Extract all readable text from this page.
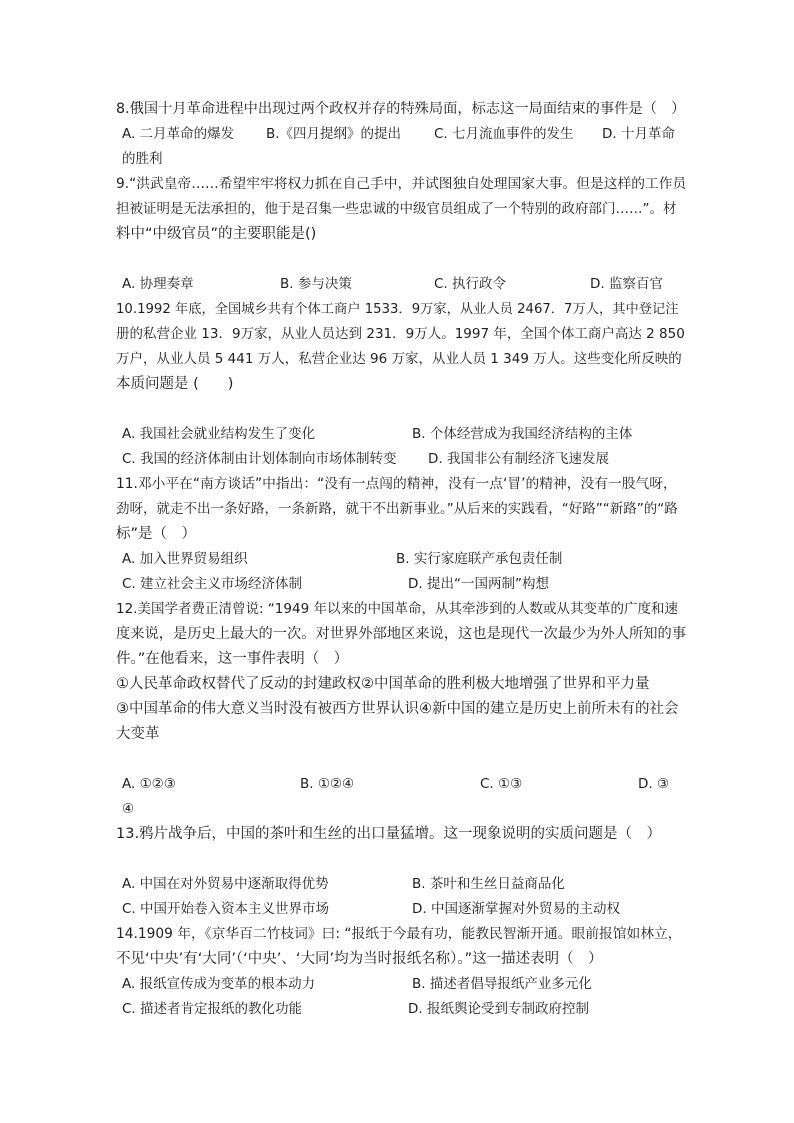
8.俄国十月革命进程中出现过两个政权并存的特殊局面，标志这一局面结束的事件是（　）
A. 二月革命的爆发 B.《四月提纲》的提出 C. 七月流血事件的发生 D. 十月革命
的胜利
9.“洪武皇帝……希望牢牢将权力抓在自己手中，并试图独自处理国家大事。但是这样的工作员
担被证明是无法承担的，他于是召集一些忠诚的中级官员组成了一个特别的政府部门……”。材
料中“中级官员”的主要职能是()
A. 协理奏章	B. 参与决策	C. 执行政令	D. 监察百官
10.1992 年底，全国城乡共有个体工商户 1533．9万家，从业人员 2467．7万人，其中登记注
册的私营企业 13．9万家，从业人员达到 231．9万人。1997 年，全国个体工商户高达 2 850
万户，从业人员 5 441 万人，私营企业达 96 万家，从业人员 1 349 万人。这些变化所反映的
本质问题是 (　　)
A. 我国社会就业结构发生了变化	B. 个体经营成为我国经济结构的主体
C. 我国的经济体制由计划体制向市场体制转变 D. 我国非公有制经济飞速发展
11.邓小平在“南方谈话”中指出：“没有一点闯的精神，没有一点‘冒’的精神，没有一股气呀，
劲呀，就走不出一条好路，一条新路，就干不出新事业。”从后来的实践看，“好路”“新路”的“路
标”是（　）
A. 加入世界贸易组织	B. 实行家庭联产承包责任制
C. 建立社会主义市场经济体制	D. 提出“一国两制”构想
12.美国学者费正清曾说: “1949 年以来的中国革命，从其牵涉到的人数或从其变革的广度和速
度来说，是历史上最大的一次。对世界外部地区来说，这也是现代一次最少为外人所知的事
件。”在他看来，这一事件表明（　）
①人民革命政权替代了反动的封建政权②中国革命的胜利极大地增强了世界和平力量
③中国革命的伟大意义当时没有被西方世界认识④新中国的建立是历史上前所未有的社会
大变革
A. ①②③	B. ①②④	C. ①③	D. ③
④
13.鸦片战争后，中国的茶叶和生丝的出口量猛增。这一现象说明的实质问题是（　）
A. 中国在对外贸易中逐渐取得优势	B. 茶叶和生丝日益商品化
C. 中国开始卷入资本主义世界市场	D. 中国逐渐掌握对外贸易的主动权
14.1909 年，《京华百二竹枝词》曰: “报纸于今最有功，能教民智渐开通。眼前报馆如林立，
不见‘中央’有‘大同’（‘中央’、‘大同’均为当时报纸名称）。”这一描述表明（　）
A. 报纸宣传成为变革的根本动力	B. 描述者倡导报纸产业多元化
C. 描述者肯定报纸的教化功能	D. 报纸舆论受到专制政府控制
